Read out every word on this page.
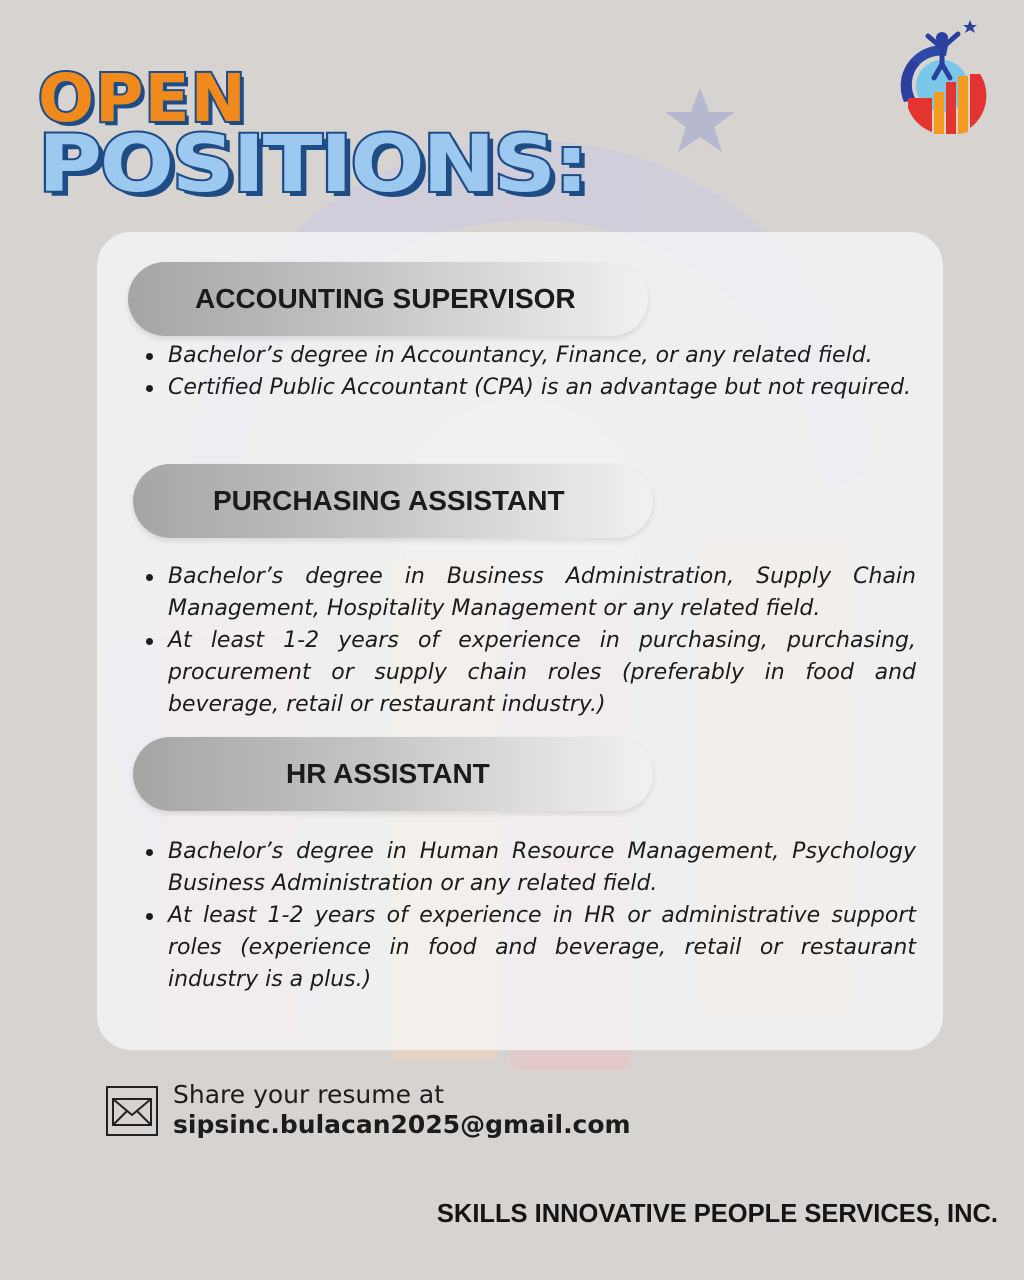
OPEN
POSITIONS:
ACCOUNTING SUPERVISOR
Bachelor’s degree in Accountancy, Finance, or any related field.
Certified Public Accountant (CPA) is an advantage but not required.
PURCHASING ASSISTANT
Bachelor’s degree in Business Administration, Supply Chain Management, Hospitality Management or any related field.
At least 1-2 years of experience in purchasing, purchasing, procurement or supply chain roles (preferably in food and beverage, retail or restaurant industry.)
HR ASSISTANT
Bachelor’s degree in Human Resource Management, Psychology Business Administration or any related field.
At least 1-2 years of experience in HR or administrative support roles (experience in food and beverage, retail or restaurant industry is a plus.)
Share your resume at
sipsinc.bulacan2025@gmail.com
SKILLS INNOVATIVE PEOPLE SERVICES, INC.
